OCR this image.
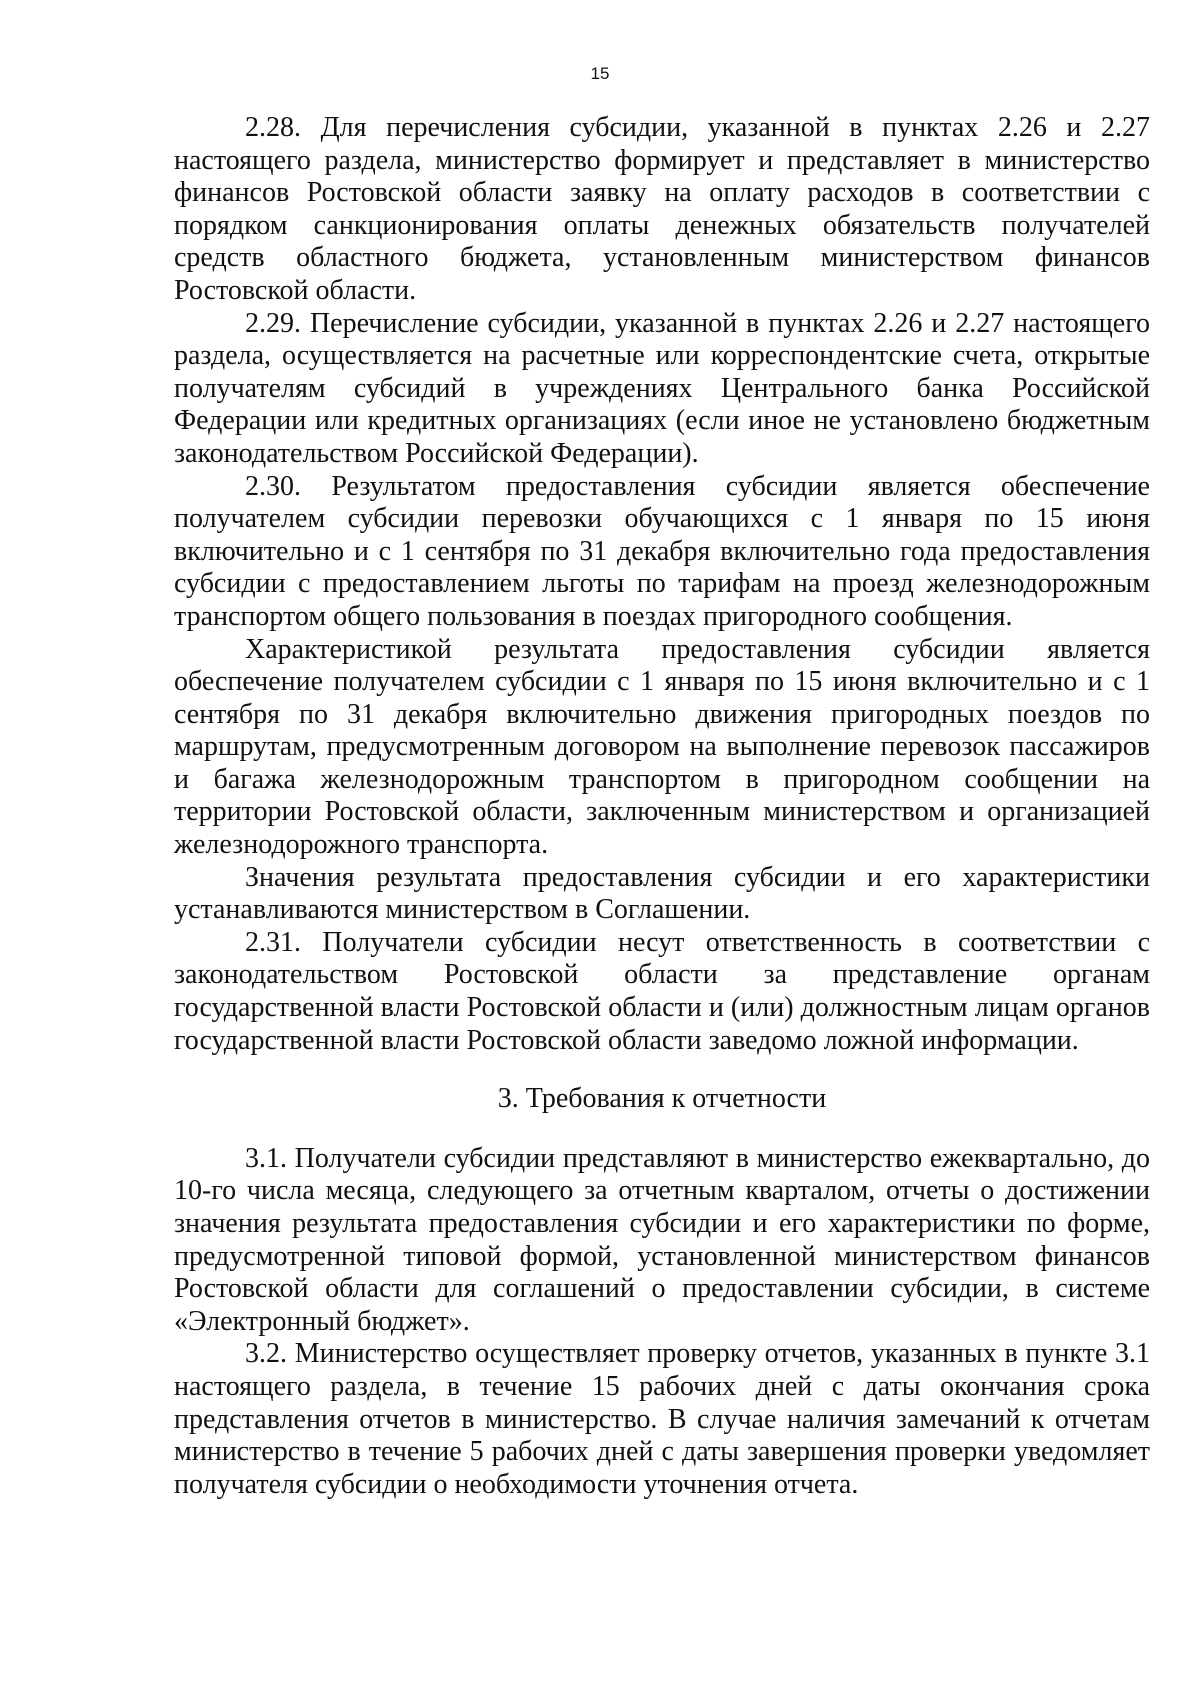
15

2.28. Для перечисления субсидии, указанной в пунктах 2.26 и 2.27 настоящего раздела, министерство формирует и представляет в министерство финансов Ростовской области заявку на оплату расходов в соответствии с порядком санкционирования оплаты денежных обязательств получателей средств областного бюджета, установленным министерством финансов Ростовской области.

2.29. Перечисление субсидии, указанной в пунктах 2.26 и 2.27 настоящего раздела, осуществляется на расчетные или корреспондентские счета, открытые получателям субсидий в учреждениях Центрального банка Российской Федерации или кредитных организациях (если иное не установлено бюджетным законодательством Российской Федерации).

2.30. Результатом предоставления субсидии является обеспечение получателем субсидии перевозки обучающихся с 1 января по 15 июня включительно и с 1 сентября по 31 декабря включительно года предоставления субсидии с предоставлением льготы по тарифам на проезд железнодорожным транспортом общего пользования в поездах пригородного сообщения.

Характеристикой результата предоставления субсидии является обеспечение получателем субсидии с 1 января по 15 июня включительно и с 1 сентября по 31 декабря включительно движения пригородных поездов по маршрутам, предусмотренным договором на выполнение перевозок пассажиров и багажа железнодорожным транспортом в пригородном сообщении на территории Ростовской области, заключенным министерством и организацией железнодорожного транспорта.

Значения результата предоставления субсидии и его характеристики устанавливаются министерством в Соглашении.

2.31. Получатели субсидии несут ответственность в соответствии с законодательством Ростовской области за представление органам государственной власти Ростовской области и (или) должностным лицам органов государственной власти Ростовской области заведомо ложной информации.

3. Требования к отчетности

3.1. Получатели субсидии представляют в министерство ежеквартально, до 10-го числа месяца, следующего за отчетным кварталом, отчеты о достижении значения результата предоставления субсидии и его характеристики по форме, предусмотренной типовой формой, установленной министерством финансов Ростовской области для соглашений о предоставлении субсидии, в системе «Электронный бюджет».

3.2. Министерство осуществляет проверку отчетов, указанных в пункте 3.1 настоящего раздела, в течение 15 рабочих дней с даты окончания срока представления отчетов в министерство. В случае наличия замечаний к отчетам министерство в течение 5 рабочих дней с даты завершения проверки уведомляет получателя субсидии о необходимости уточнения отчета.
